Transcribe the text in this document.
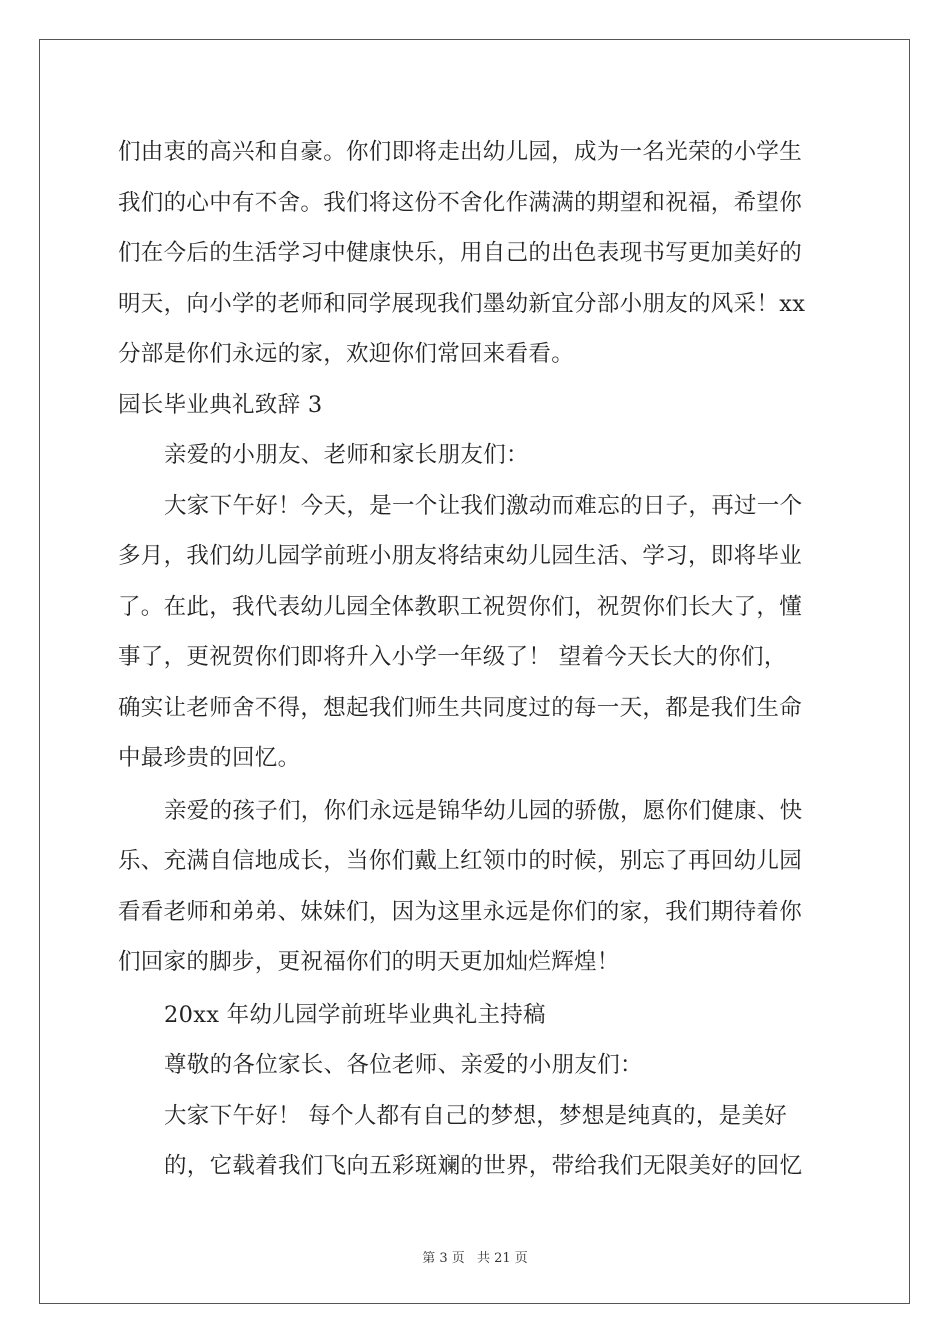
们由衷的高兴和自豪。你们即将走出幼儿园，成为一名光荣的小学生
我们的心中有不舍。我们将这份不舍化作满满的期望和祝福，希望你
们在今后的生活学习中健康快乐，用自己的出色表现书写更加美好的
明天，向小学的老师和同学展现我们墨幼新宜分部小朋友的风采！xx
分部是你们永远的家，欢迎你们常回来看看。
园长毕业典礼致辞 3
亲爱的小朋友、老师和家长朋友们：
大家下午好！今天，是一个让我们激动而难忘的日子，再过一个
多月，我们幼儿园学前班小朋友将结束幼儿园生活、学习，即将毕业
了。在此，我代表幼儿园全体教职工祝贺你们，祝贺你们长大了，懂
事了，更祝贺你们即将升入小学一年级了！ 望着今天长大的你们，
确实让老师舍不得，想起我们师生共同度过的每一天，都是我们生命
中最珍贵的回忆。
亲爱的孩子们，你们永远是锦华幼儿园的骄傲，愿你们健康、快
乐、充满自信地成长，当你们戴上红领巾的时候，别忘了再回幼儿园
看看老师和弟弟、妹妹们，因为这里永远是你们的家，我们期待着你
们回家的脚步，更祝福你们的明天更加灿烂辉煌！
20xx 年幼儿园学前班毕业典礼主持稿
尊敬的各位家长、各位老师、亲爱的小朋友们：
大家下午好！ 每个人都有自己的梦想，梦想是纯真的，是美好
的，它载着我们飞向五彩斑斓的世界，带给我们无限美好的回忆
第 3 页 共 21 页
